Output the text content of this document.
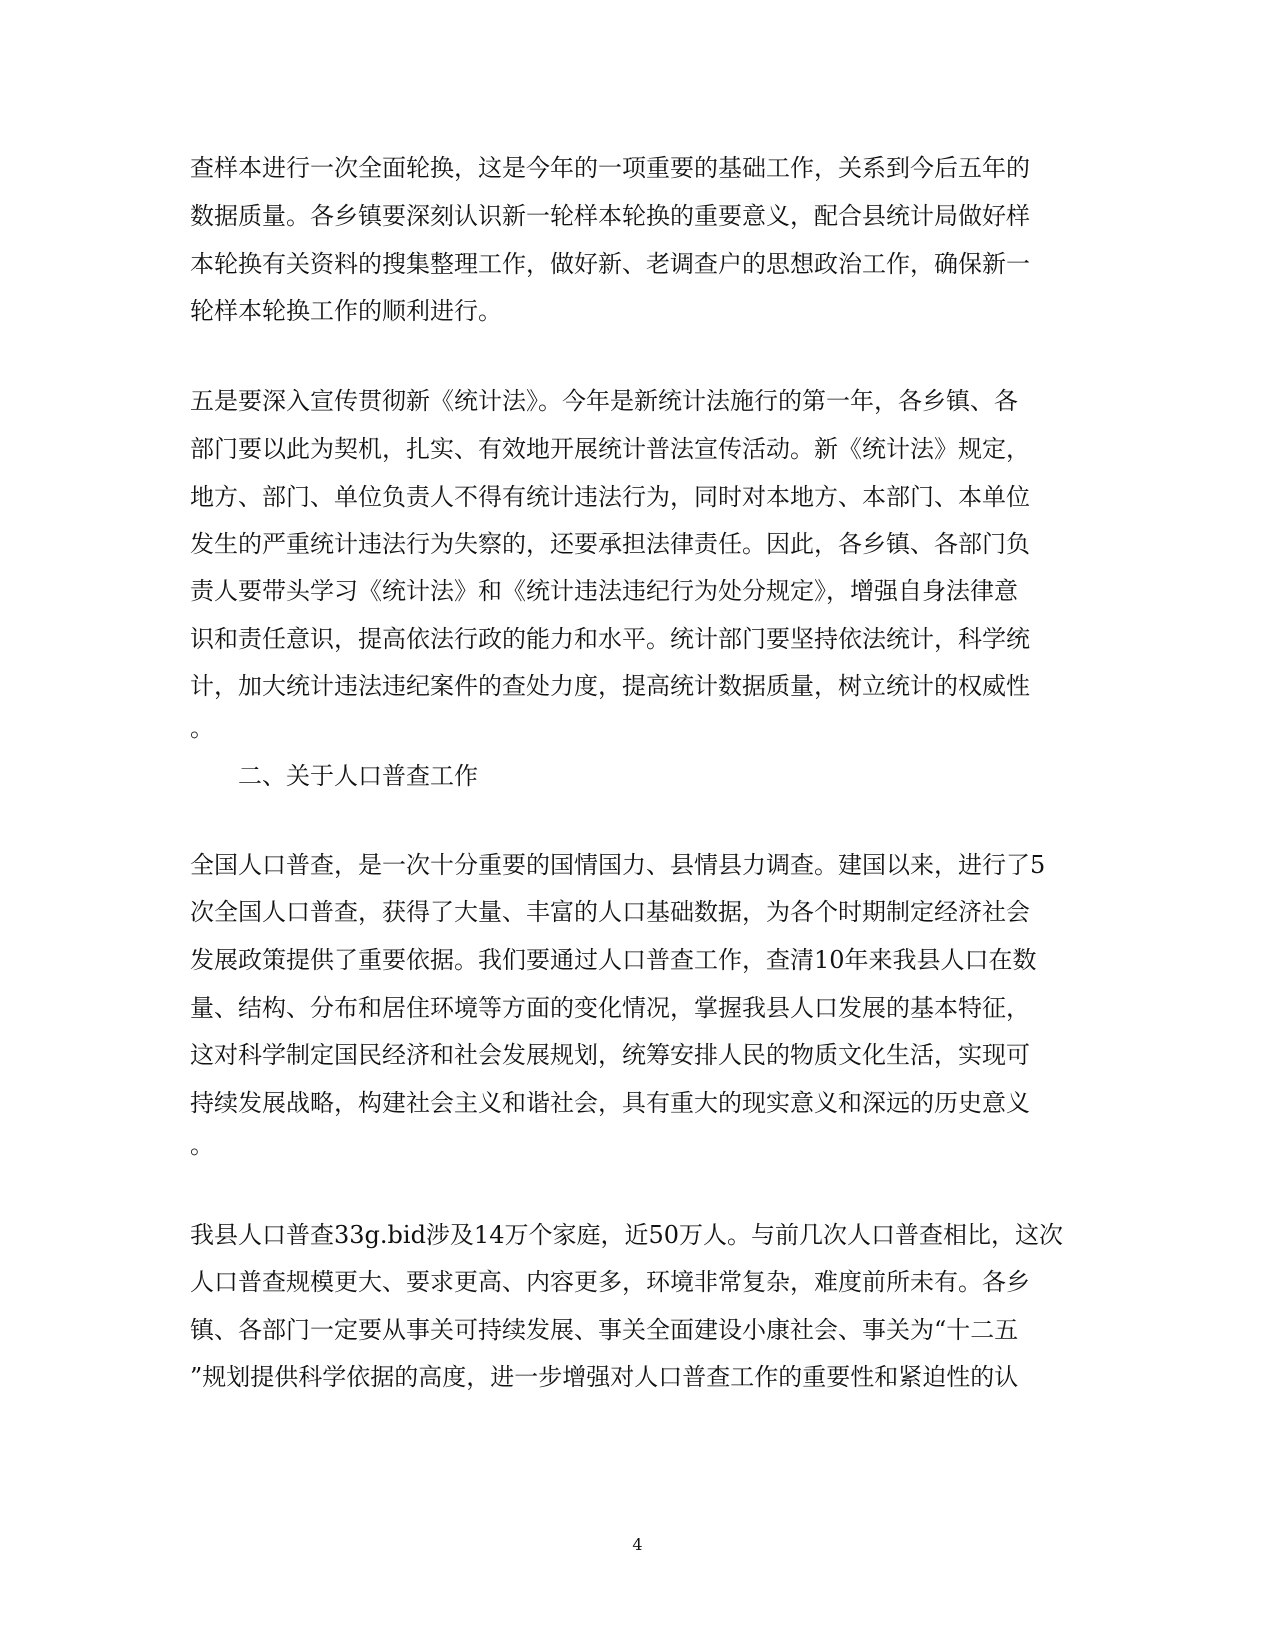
查样本进行一次全面轮换，这是今年的一项重要的基础工作，关系到今后五年的
数据质量。各乡镇要深刻认识新一轮样本轮换的重要意义，配合县统计局做好样
本轮换有关资料的搜集整理工作，做好新、老调查户的思想政治工作，确保新一
轮样本轮换工作的顺利进行。
五是要深入宣传贯彻新《统计法》。今年是新统计法施行的第一年，各乡镇、各
部门要以此为契机，扎实、有效地开展统计普法宣传活动。新《统计法》规定，
地方、部门、单位负责人不得有统计违法行为，同时对本地方、本部门、本单位
发生的严重统计违法行为失察的，还要承担法律责任。因此，各乡镇、各部门负
责人要带头学习《统计法》和《统计违法违纪行为处分规定》，增强自身法律意
识和责任意识，提高依法行政的能力和水平。统计部门要坚持依法统计，科学统
计，加大统计违法违纪案件的查处力度，提高统计数据质量，树立统计的权威性
。
二、关于人口普查工作
全国人口普查，是一次十分重要的国情国力、县情县力调查。建国以来，进行了5
次全国人口普查，获得了大量、丰富的人口基础数据，为各个时期制定经济社会
发展政策提供了重要依据。我们要通过人口普查工作，查清10年来我县人口在数
量、结构、分布和居住环境等方面的变化情况，掌握我县人口发展的基本特征，
这对科学制定国民经济和社会发展规划，统筹安排人民的物质文化生活，实现可
持续发展战略，构建社会主义和谐社会，具有重大的现实意义和深远的历史意义
。
我县人口普查33g.bid涉及14万个家庭，近50万人。与前几次人口普查相比，这次
人口普查规模更大、要求更高、内容更多，环境非常复杂，难度前所未有。各乡
镇、各部门一定要从事关可持续发展、事关全面建设小康社会、事关为“十二五
”规划提供科学依据的高度，进一步增强对人口普查工作的重要性和紧迫性的认
4
